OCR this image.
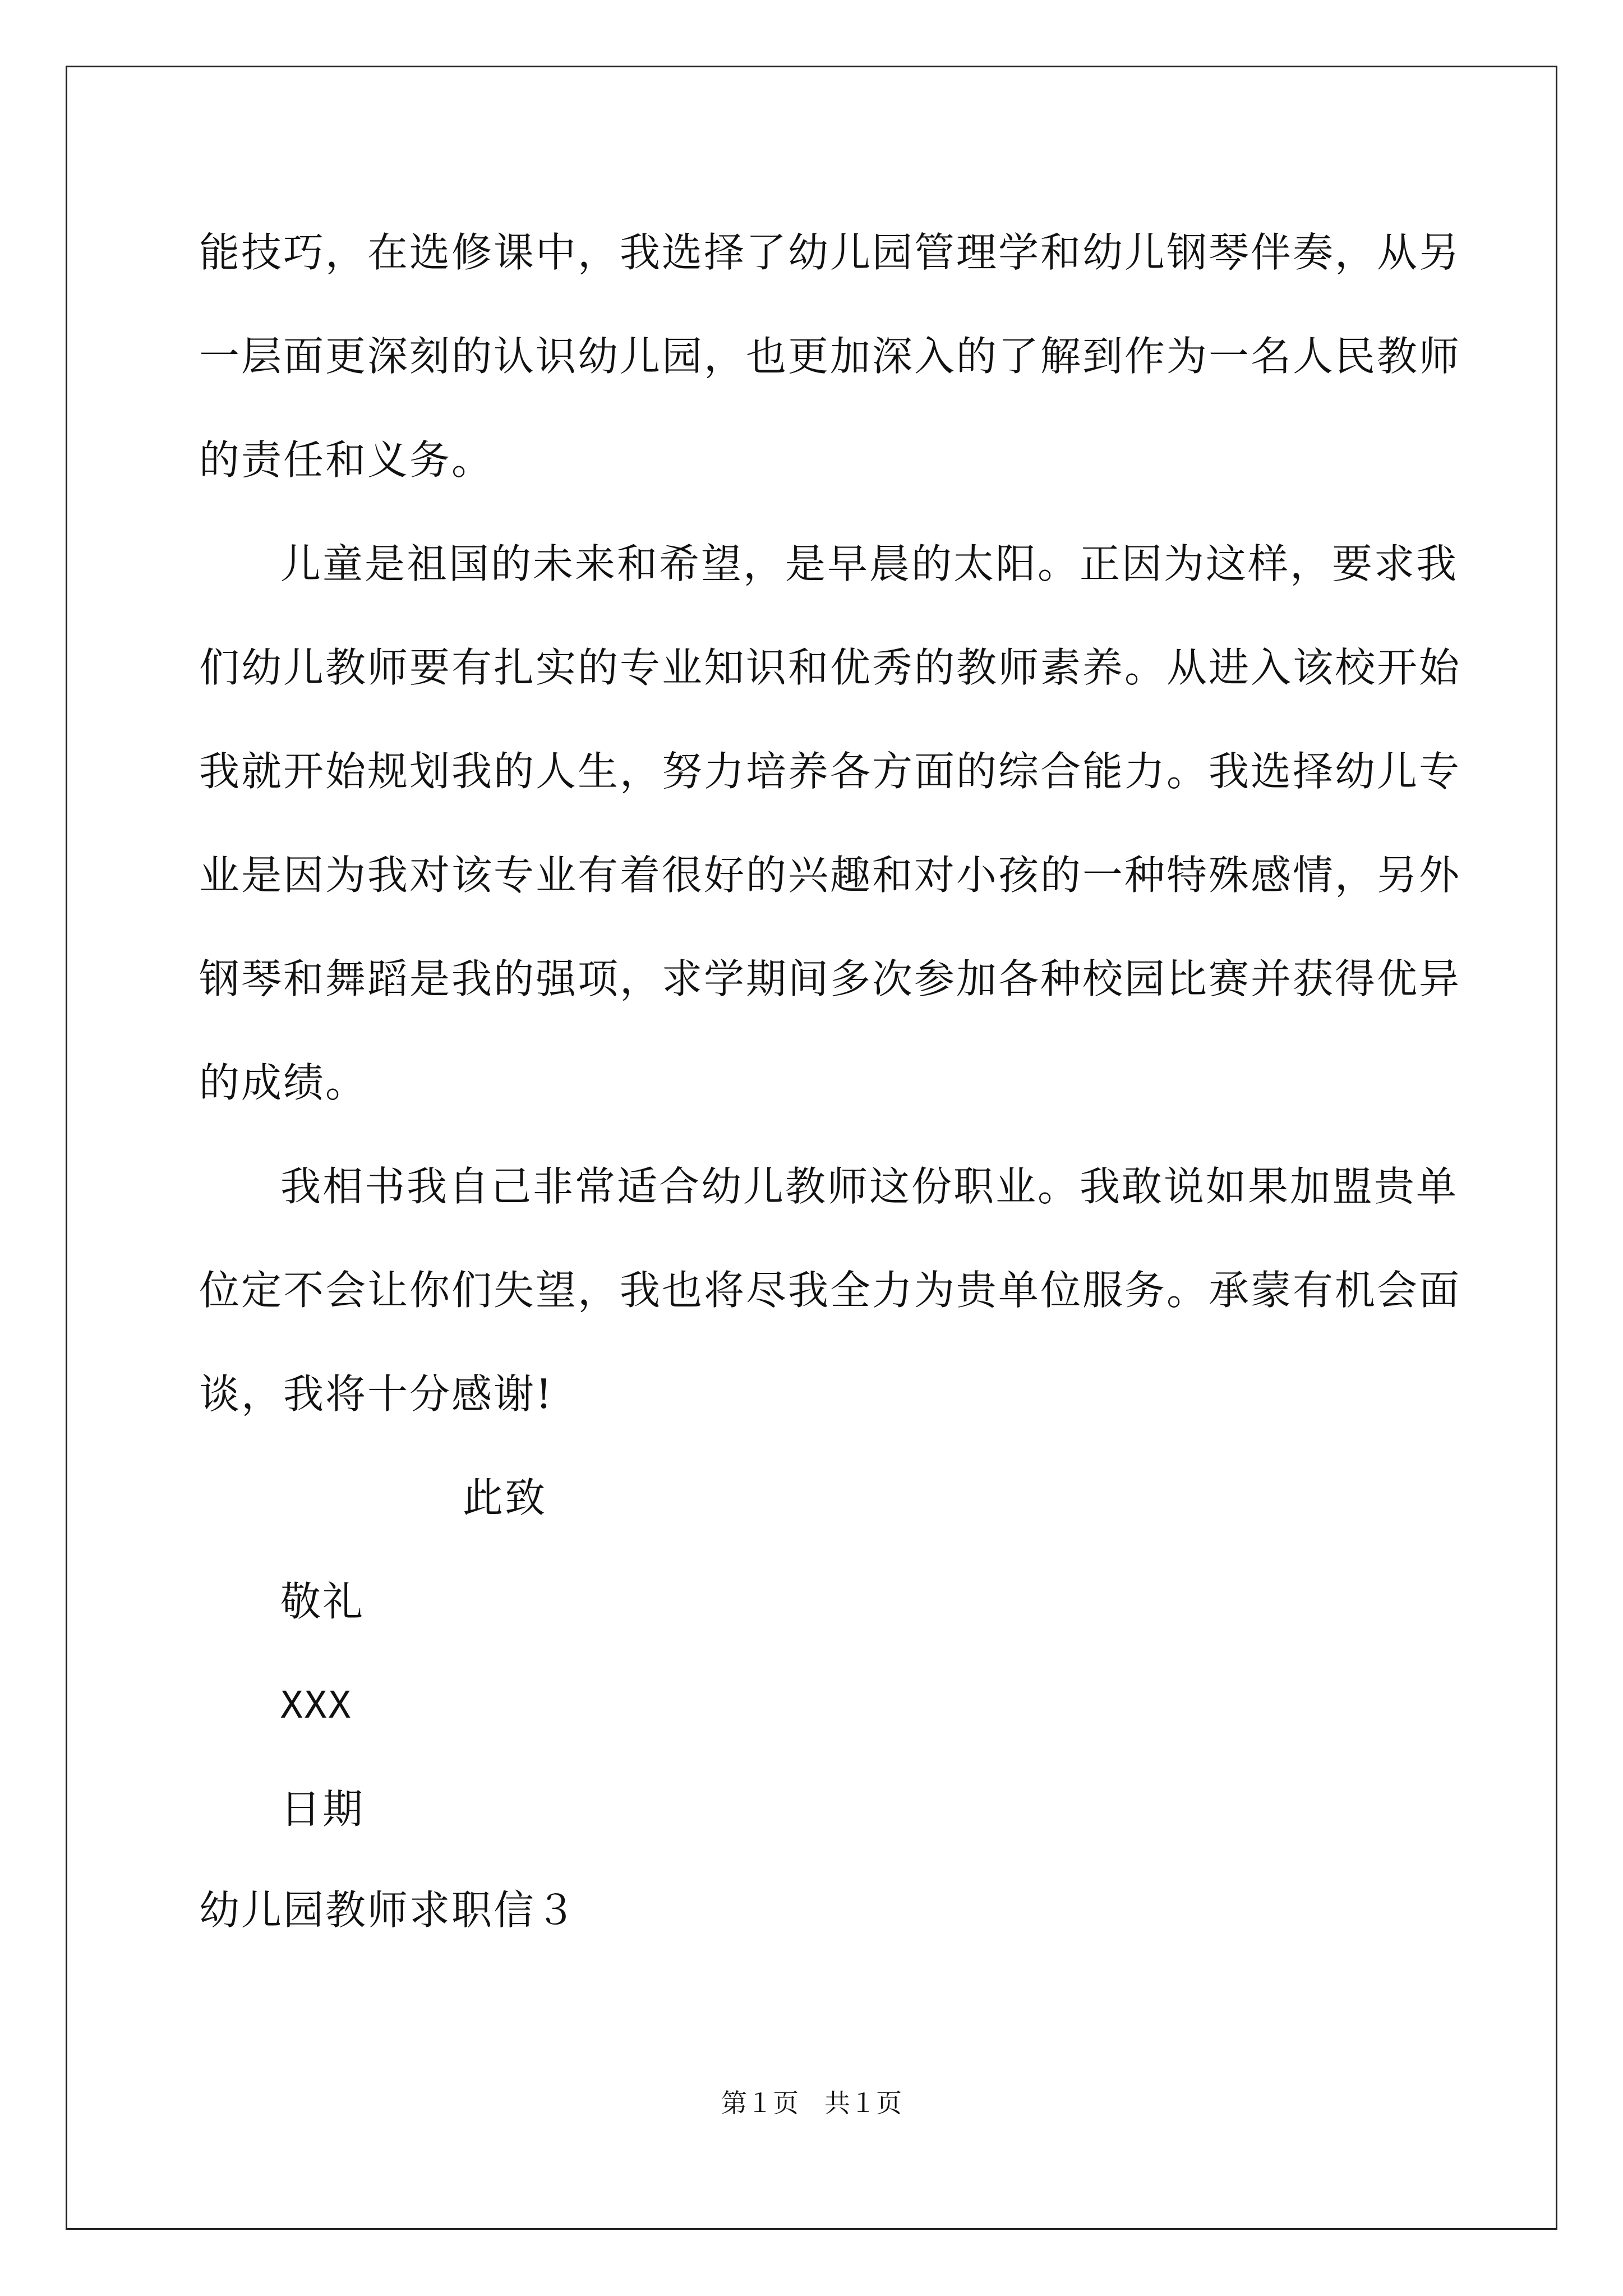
能技巧，在选修课中，我选择了幼儿园管理学和幼儿钢琴伴奏，从另
一层面更深刻的认识幼儿园，也更加深入的了解到作为一名人民教师
的责任和义务。
儿童是祖国的未来和希望，是早晨的太阳。正因为这样，要求我
们幼儿教师要有扎实的专业知识和优秀的教师素养。从进入该校开始
我就开始规划我的人生，努力培养各方面的综合能力。我选择幼儿专
业是因为我对该专业有着很好的兴趣和对小孩的一种特殊感情，另外
钢琴和舞蹈是我的强项，求学期间多次参加各种校园比赛并获得优异
的成绩。
我相书我自己非常适合幼儿教师这份职业。我敢说如果加盟贵单
位定不会让你们失望，我也将尽我全力为贵单位服务。承蒙有机会面
谈，我将十分感谢!
此致
敬礼
XXX
日期
幼儿园教师求职信３
第１页　共１页
